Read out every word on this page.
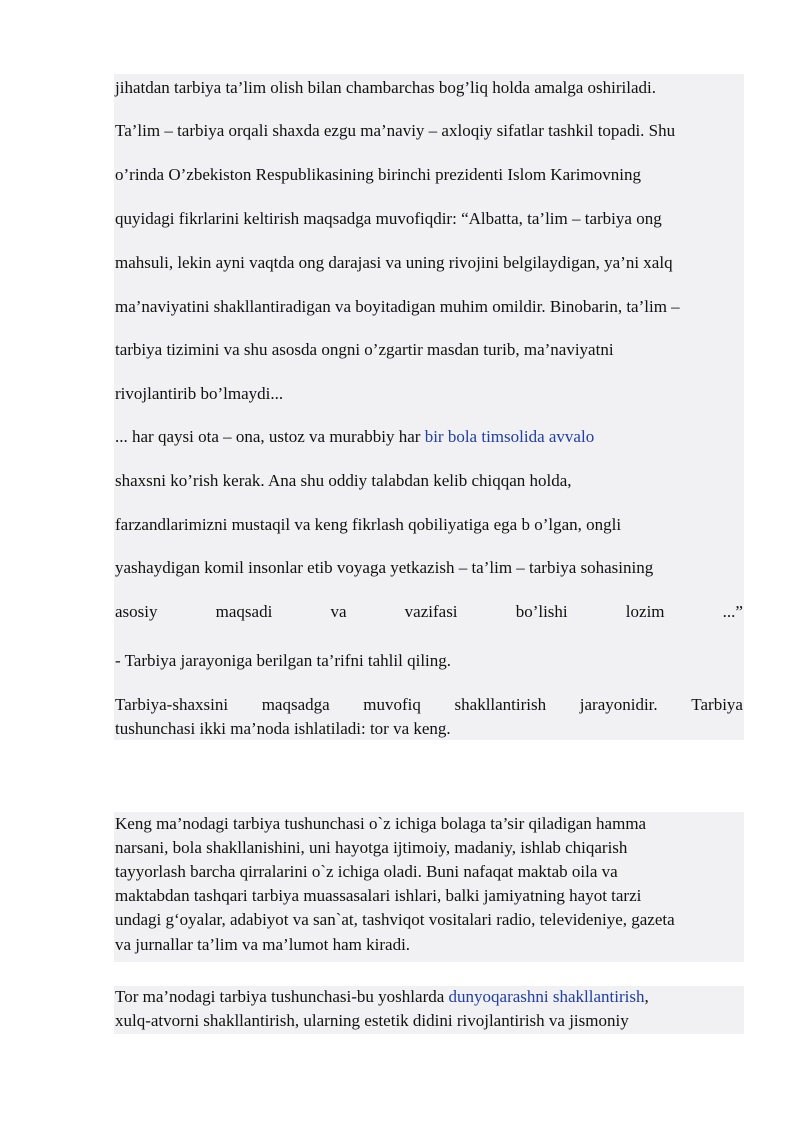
jihatdan tarbiya ta’lim olish bilan chambarchas bog’liq holda amalga oshiriladi.

Ta’lim – tarbiya orqali shaxda ezgu ma’naviy – axloqiy sifatlar tashkil topadi. Shu

o’rinda O’zbekiston Respublikasining birinchi prezidenti Islom Karimovning

quyidagi fikrlarini keltirish maqsadga muvofiqdir: “Albatta, ta’lim – tarbiya ong

mahsuli, lekin ayni vaqtda ong darajasi va uning rivojini belgilaydigan, ya’ni xalq

ma’naviyatini shakllantiradigan va boyitadigan muhim omildir. Binobarin, ta’lim –

tarbiya tizimini va shu asosda ongni o’zgartir masdan turib, ma’naviyatni

rivojlantirib bo’lmaydi...

... har qaysi ota – ona, ustoz va murabbiy har bir bola timsolida avvalo

shaxsni ko’rish kerak. Ana shu oddiy talabdan kelib chiqqan holda,

farzandlarimizni mustaqil va keng fikrlash qobiliyatiga ega b o’lgan, ongli

yashaydigan komil insonlar etib voyaga yetkazish – ta’lim – tarbiya sohasining

asosiy	maqsadi	va	vazifasi	bo’lishi	lozim	...”

- Tarbiya jarayoniga berilgan ta’rifni tahlil qiling.

Tarbiya-shaxsini maqsadga muvofiq shakllantirish jarayonidir. Tarbiya

tushunchasi ikki ma’noda ishlatiladi: tor va keng.

Keng ma’nodagi tarbiya tushunchasi o`z ichiga bolaga ta’sir qiladigan hamma

narsani, bola shakllanishini, uni hayotga ijtimoiy, madaniy, ishlab chiqarish

tayyorlash barcha qirralarini o`z ichiga oladi. Buni nafaqat maktab oila va

maktabdan tashqari tarbiya muassasalari ishlari, balki jamiyatning hayot tarzi

undagi g‘oyalar, adabiyot va san`at, tashviqot vositalari radio, televideniye, gazeta

va jurnallar ta’lim va ma’lumot ham kiradi.

Tor ma’nodagi tarbiya tushunchasi-bu yoshlarda dunyoqarashni shakllantirish,

xulq-atvorni shakllantirish, ularning estetik didini rivojlantirish va jismoniy
